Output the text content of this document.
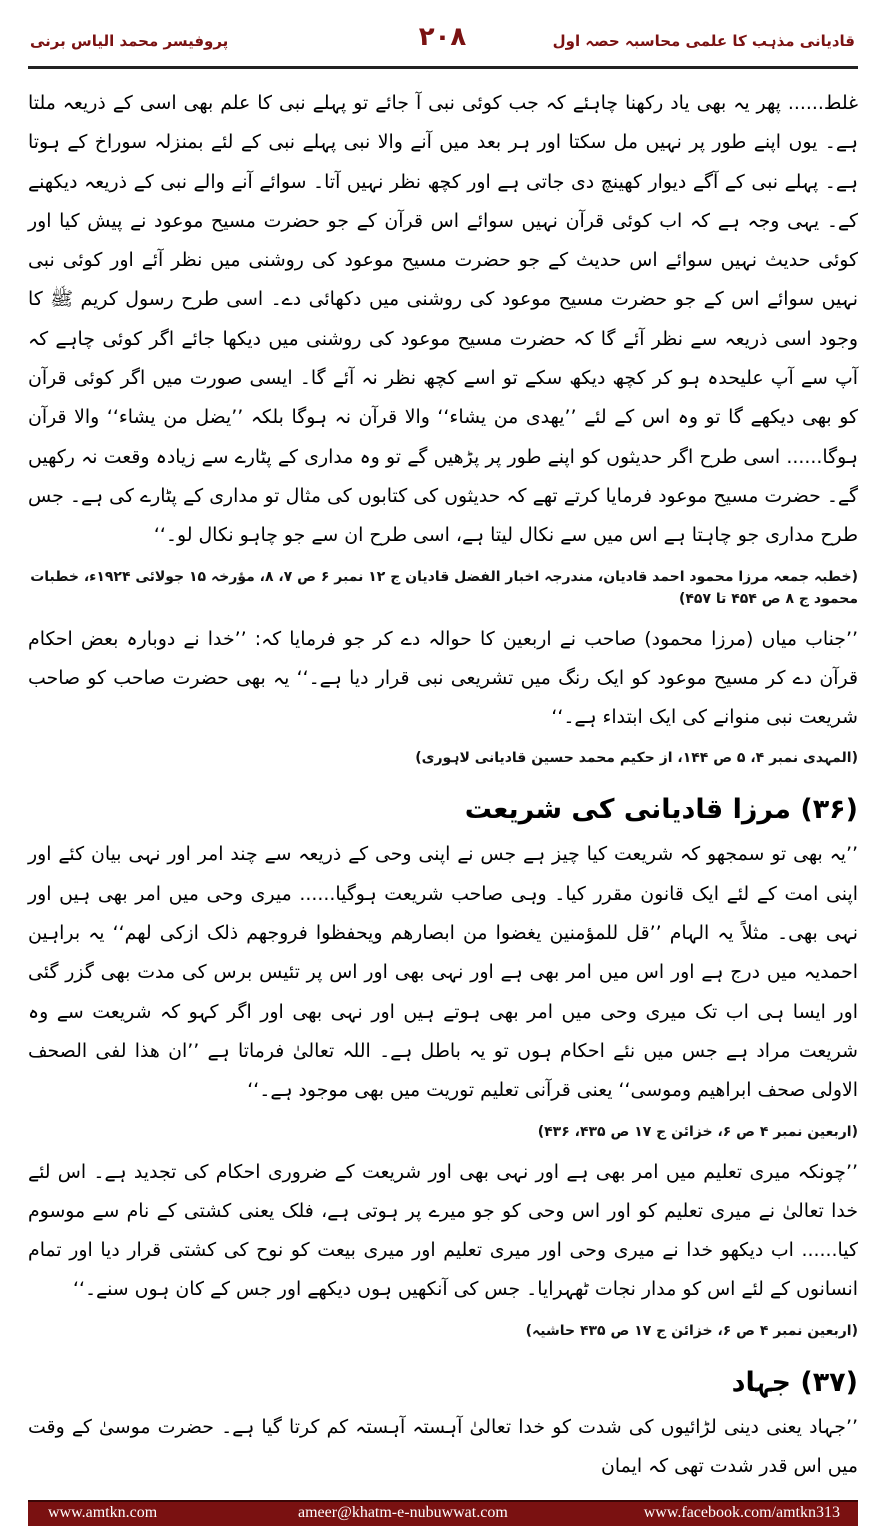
پروفیسر محمد الیاس برنی	۲۰۸	قادیانی مذہب کا علمی محاسبہ حصہ اول

غلط...... پھر یہ بھی یاد رکھنا چاہئے کہ جب کوئی نبی آ جائے تو پہلے نبی کا علم بھی اسی کے ذریعہ ملتا ہے۔ یوں اپنے طور پر نہیں مل سکتا اور ہر بعد میں آنے والا نبی پہلے نبی کے لئے بمنزلہ سوراخ کے ہوتا ہے۔ پہلے نبی کے آگے دیوار کھینچ دی جاتی ہے اور کچھ نظر نہیں آتا۔ سوائے آنے والے نبی کے ذریعہ دیکھنے کے۔ یہی وجہ ہے کہ اب کوئی قرآن نہیں سوائے اس قرآن کے جو حضرت مسیح موعود نے پیش کیا اور کوئی حدیث نہیں سوائے اس حدیث کے جو حضرت مسیح موعود کی روشنی میں نظر آئے اور کوئی نبی نہیں سوائے اس کے جو حضرت مسیح موعود کی روشنی میں دکھائی دے۔ اسی طرح رسول کریم ﷺ کا وجود اسی ذریعہ سے نظر آئے گا کہ حضرت مسیح موعود کی روشنی میں دیکھا جائے اگر کوئی چاہے کہ آپ سے آپ علیحدہ ہو کر کچھ دیکھ سکے تو اسے کچھ نظر نہ آئے گا۔ ایسی صورت میں اگر کوئی قرآن کو بھی دیکھے گا تو وہ اس کے لئے ’’یھدی من یشاء‘‘ والا قرآن نہ ہوگا بلکہ ’’یضل من یشاء‘‘ والا قرآن ہوگا...... اسی طرح اگر حدیثوں کو اپنے طور پر پڑھیں گے تو وہ مداری کے پٹارے سے زیادہ وقعت نہ رکھیں گے۔ حضرت مسیح موعود فرمایا کرتے تھے کہ حدیثوں کی کتابوں کی مثال تو مداری کے پٹارے کی ہے۔ جس طرح مداری جو چاہتا ہے اس میں سے نکال لیتا ہے، اسی طرح ان سے جو چاہو نکال لو۔‘‘

(خطبہ جمعہ مرزا محمود احمد قادیان، مندرجہ اخبار الفضل قادیان ج ۱۲ نمبر ۶ ص ۷، ۸، مؤرخہ ۱۵ جولائی ۱۹۲۴ء، خطبات محمود ج ۸ ص ۴۵۴ تا ۴۵۷)

’’جناب میاں (مرزا محمود) صاحب نے اربعین کا حوالہ دے کر جو فرمایا کہ: ’’خدا نے دوبارہ بعض احکام قرآن دے کر مسیح موعود کو ایک رنگ میں تشریعی نبی قرار دیا ہے۔‘‘ یہ بھی حضرت صاحب کو صاحب شریعت نبی منوانے کی ایک ابتداء ہے۔‘‘

(المہدی نمبر ۴، ۵ ص ۱۴۴، از حکیم محمد حسین قادیانی لاہوری)

(۳۶) مرزا قادیانی کی شریعت

’’یہ بھی تو سمجھو کہ شریعت کیا چیز ہے جس نے اپنی وحی کے ذریعہ سے چند امر اور نہی بیان کئے اور اپنی امت کے لئے ایک قانون مقرر کیا۔ وہی صاحب شریعت ہوگیا...... میری وحی میں امر بھی ہیں اور نہی بھی۔ مثلاً یہ الہام ’’قل للمؤمنین یغضوا من ابصارھم ویحفظوا فروجھم ذلک ازکی لھم‘‘ یہ براہین احمدیہ میں درج ہے اور اس میں امر بھی ہے اور نہی بھی اور اس پر تئیس برس کی مدت بھی گزر گئی اور ایسا ہی اب تک میری وحی میں امر بھی ہوتے ہیں اور نہی بھی اور اگر کہو کہ شریعت سے وہ شریعت مراد ہے جس میں نئے احکام ہوں تو یہ باطل ہے۔ اللہ تعالیٰ فرماتا ہے ’’ان ھذا لفی الصحف الاولی صحف ابراھیم وموسی‘‘ یعنی قرآنی تعلیم توریت میں بھی موجود ہے۔‘‘

(اربعین نمبر ۴ ص ۶، خزائن ج ۱۷ ص ۴۳۵، ۴۳۶)

’’چونکہ میری تعلیم میں امر بھی ہے اور نہی بھی اور شریعت کے ضروری احکام کی تجدید ہے۔ اس لئے خدا تعالیٰ نے میری تعلیم کو اور اس وحی کو جو میرے پر ہوتی ہے، فلک یعنی کشتی کے نام سے موسوم کیا...... اب دیکھو خدا نے میری وحی اور میری تعلیم اور میری بیعت کو نوح کی کشتی قرار دیا اور تمام انسانوں کے لئے اس کو مدار نجات ٹھہرایا۔ جس کی آنکھیں ہوں دیکھے اور جس کے کان ہوں سنے۔‘‘

(اربعین نمبر ۴ ص ۶، خزائن ج ۱۷ ص ۴۳۵ حاشیہ)

(۳۷) جہاد

’’جہاد یعنی دینی لڑائیوں کی شدت کو خدا تعالیٰ آہستہ آہستہ کم کرتا گیا ہے۔ حضرت موسیٰ کے وقت میں اس قدر شدت تھی کہ ایمان

www.amtkn.com	ameer@khatm-e-nubuwwat.com	www.facebook.com/amtkn313
